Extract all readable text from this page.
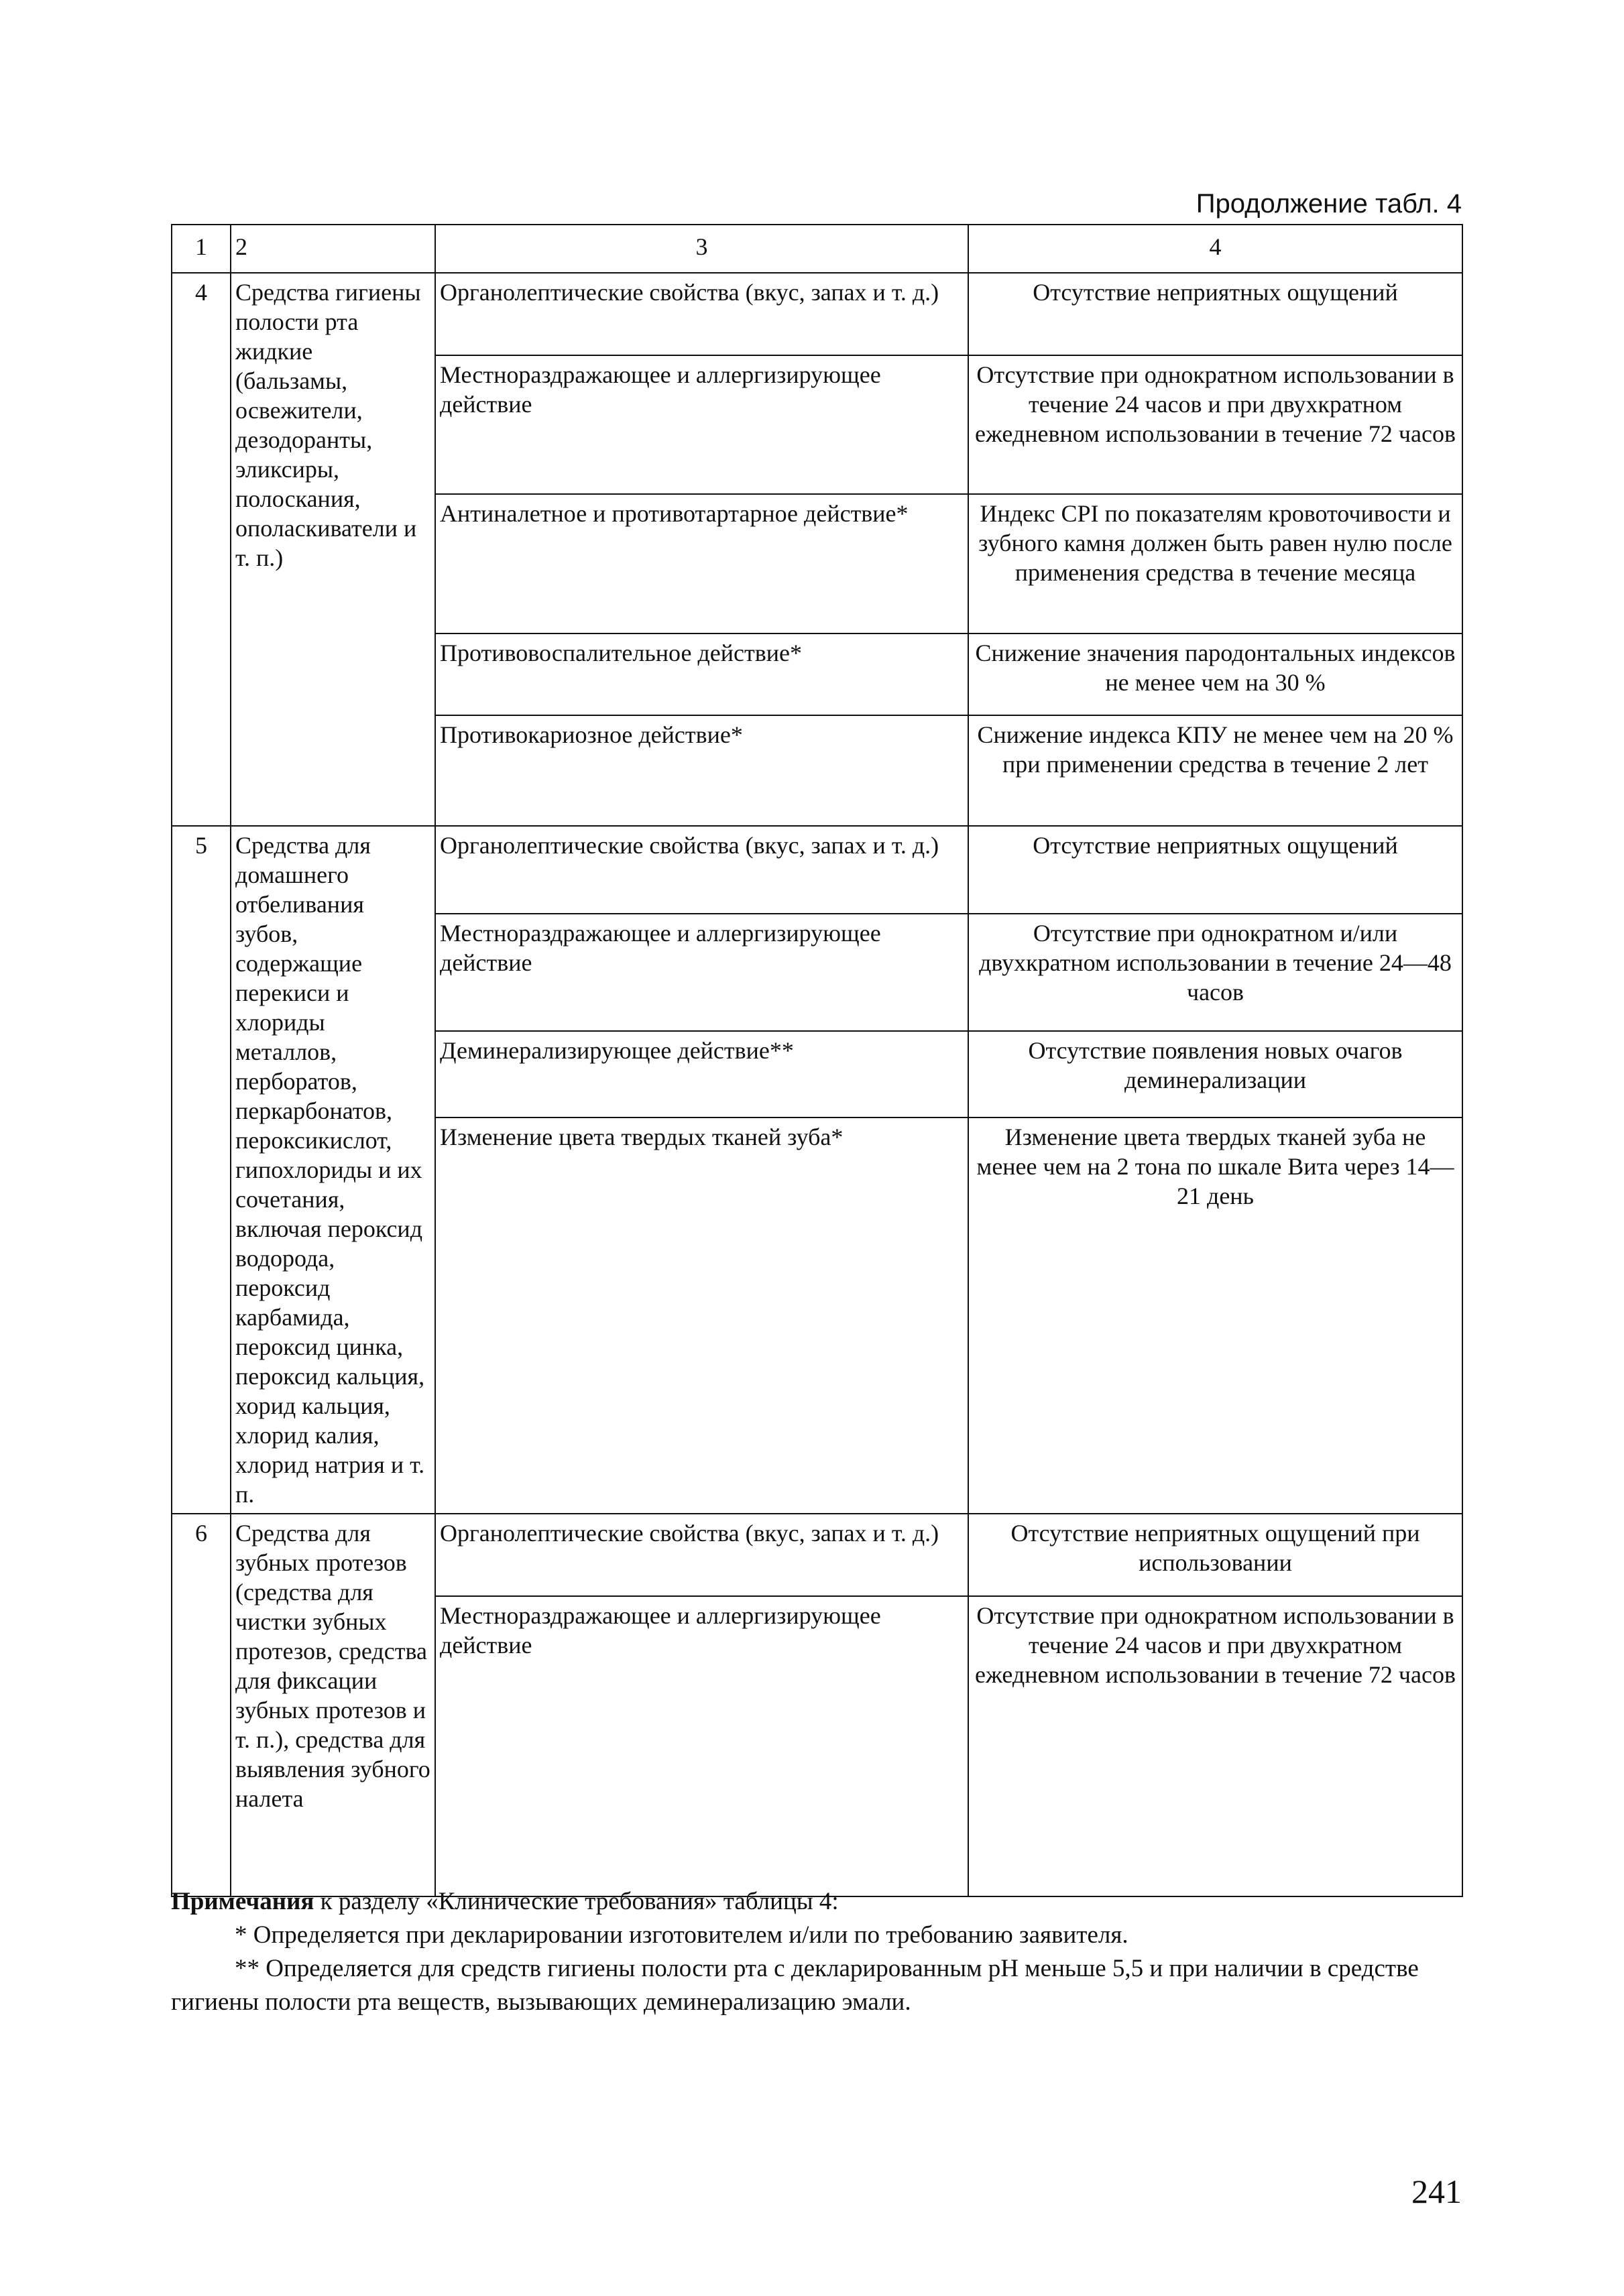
Продолжение табл. 4
1	2	3	4
4	Средства гигиены полости рта жидкие (бальзамы, освежители, дезодоранты, эликсиры, полоскания, ополаскиватели и т. п.)	Органолептические свойства (вкус, запах и т. д.)	Отсутствие неприятных ощущений
		Местнораздражающее и аллергизирующее действие	Отсутствие при однократном использовании в течение 24 часов и при двухкратном ежедневном использовании в течение 72 часов
		Антиналетное и противотартарное действие*	Индекс CPI по показателям кровоточивости и зубного камня должен быть равен нулю после применения средства в течение месяца
		Противовоспалительное действие*	Снижение значения пародонтальных индексов не менее чем на 30 %
		Противокариозное действие*	Снижение индекса КПУ не менее чем на 20 % при применении средства в течение 2 лет
5	Средства для домашнего отбеливания зубов, содержащие перекиси и хлориды металлов, перборатов, перкарбонатов, пероксикислот, гипохлориды и их сочетания, включая пероксид водорода, пероксид карбамида, пероксид цинка, пероксид кальция, хорид кальция, хлорид калия, хлорид натрия и т. п.	Органолептические свойства (вкус, запах и т. д.)	Отсутствие неприятных ощущений
		Местнораздражающее и аллергизирующее действие	Отсутствие при однократном и/или двухкратном использовании в течение 24—48 часов
		Деминерализирующее действие**	Отсутствие появления новых очагов деминерализации
		Изменение цвета твердых тканей зуба*	Изменение цвета твердых тканей зуба не менее чем на 2 тона по шкале Вита через 14—21 день
6	Средства для зубных протезов (средства для чистки зубных протезов, средства для фиксации зубных протезов и т. п.), средства для выявления зубного налета	Органолептические свойства (вкус, запах и т. д.)	Отсутствие неприятных ощущений при использовании
		Местнораздражающее и аллергизирующее действие	Отсутствие при однократном использовании в течение 24 часов и при двухкратном ежедневном использовании в течение 72 часов

Примечания к разделу «Клинические требования» таблицы 4:

* Определяется при декларировании изготовителем и/или по требованию заявителя.

** Определяется для средств гигиены полости рта с декларированным pH меньше 5,5 и при наличии в средстве гигиены полости рта веществ, вызывающих деминерализацию эмали.

241
